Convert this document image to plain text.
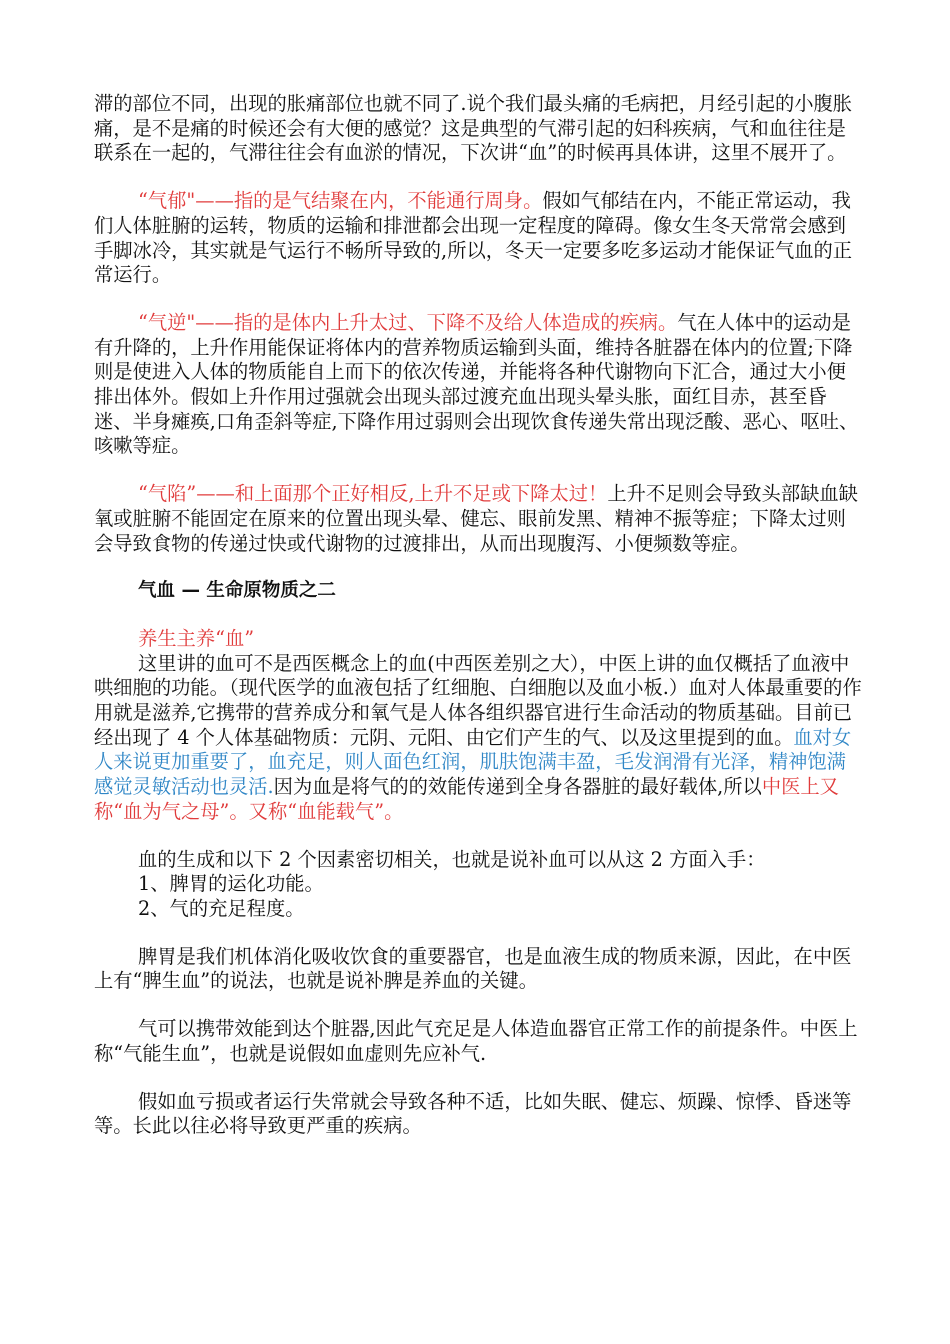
滞的部位不同，出现的胀痛部位也就不同了.说个我们最头痛的毛病把，月经引起的小腹胀痛，是不是痛的时候还会有大便的感觉？这是典型的气滞引起的妇科疾病，气和血往往是联系在一起的，气滞往往会有血淤的情况，下次讲“血”的时候再具体讲，这里不展开了。

“气郁"——指的是气结聚在内，不能通行周身。假如气郁结在内，不能正常运动，我们人体脏腑的运转，物质的运输和排泄都会出现一定程度的障碍。像女生冬天常常会感到手脚冰冷，其实就是气运行不畅所导致的,所以，冬天一定要多吃多运动才能保证气血的正常运行。

“气逆"——指的是体内上升太过、下降不及给人体造成的疾病。气在人体中的运动是有升降的，上升作用能保证将体内的营养物质运输到头面，维持各脏器在体内的位置;下降则是使进入人体的物质能自上而下的依次传递，并能将各种代谢物向下汇合，通过大小便排出体外。假如上升作用过强就会出现头部过渡充血出现头晕头胀，面红目赤，甚至昏迷、半身瘫痪,口角歪斜等症,下降作用过弱则会出现饮食传递失常出现泛酸、恶心、呕吐、咳嗽等症。

“气陷”——和上面那个正好相反,上升不足或下降太过！上升不足则会导致头部缺血缺氧或脏腑不能固定在原来的位置出现头晕、健忘、眼前发黑、精神不振等症；下降太过则会导致食物的传递过快或代谢物的过渡排出，从而出现腹泻、小便频数等症。

气血 — 生命原物质之二

养生主养“血”

这里讲的血可不是西医概念上的血(中西医差别之大），中医上讲的血仅概括了血液中哄细胞的功能。（现代医学的血液包括了红细胞、白细胞以及血小板.）血对人体最重要的作用就是滋养,它携带的营养成分和氧气是人体各组织器官进行生命活动的物质基础。目前已经出现了 4 个人体基础物质：元阴、元阳、由它们产生的气、以及这里提到的血。血对女人来说更加重要了，血充足，则人面色红润，肌肤饱满丰盈，毛发润滑有光泽，精神饱满感觉灵敏活动也灵活.因为血是将气的的效能传递到全身各器脏的最好载体,所以中医上又称“血为气之母”。又称“血能载气”。

血的生成和以下 2 个因素密切相关，也就是说补血可以从这 2 方面入手：

1、脾胃的运化功能。

2、气的充足程度。

脾胃是我们机体消化吸收饮食的重要器官，也是血液生成的物质来源，因此，在中医上有“脾生血”的说法，也就是说补脾是养血的关键。

气可以携带效能到达个脏器,因此气充足是人体造血器官正常工作的前提条件。中医上称“气能生血”，也就是说假如血虚则先应补气.

假如血亏损或者运行失常就会导致各种不适，比如失眠、健忘、烦躁、惊悸、昏迷等等。长此以往必将导致更严重的疾病。
